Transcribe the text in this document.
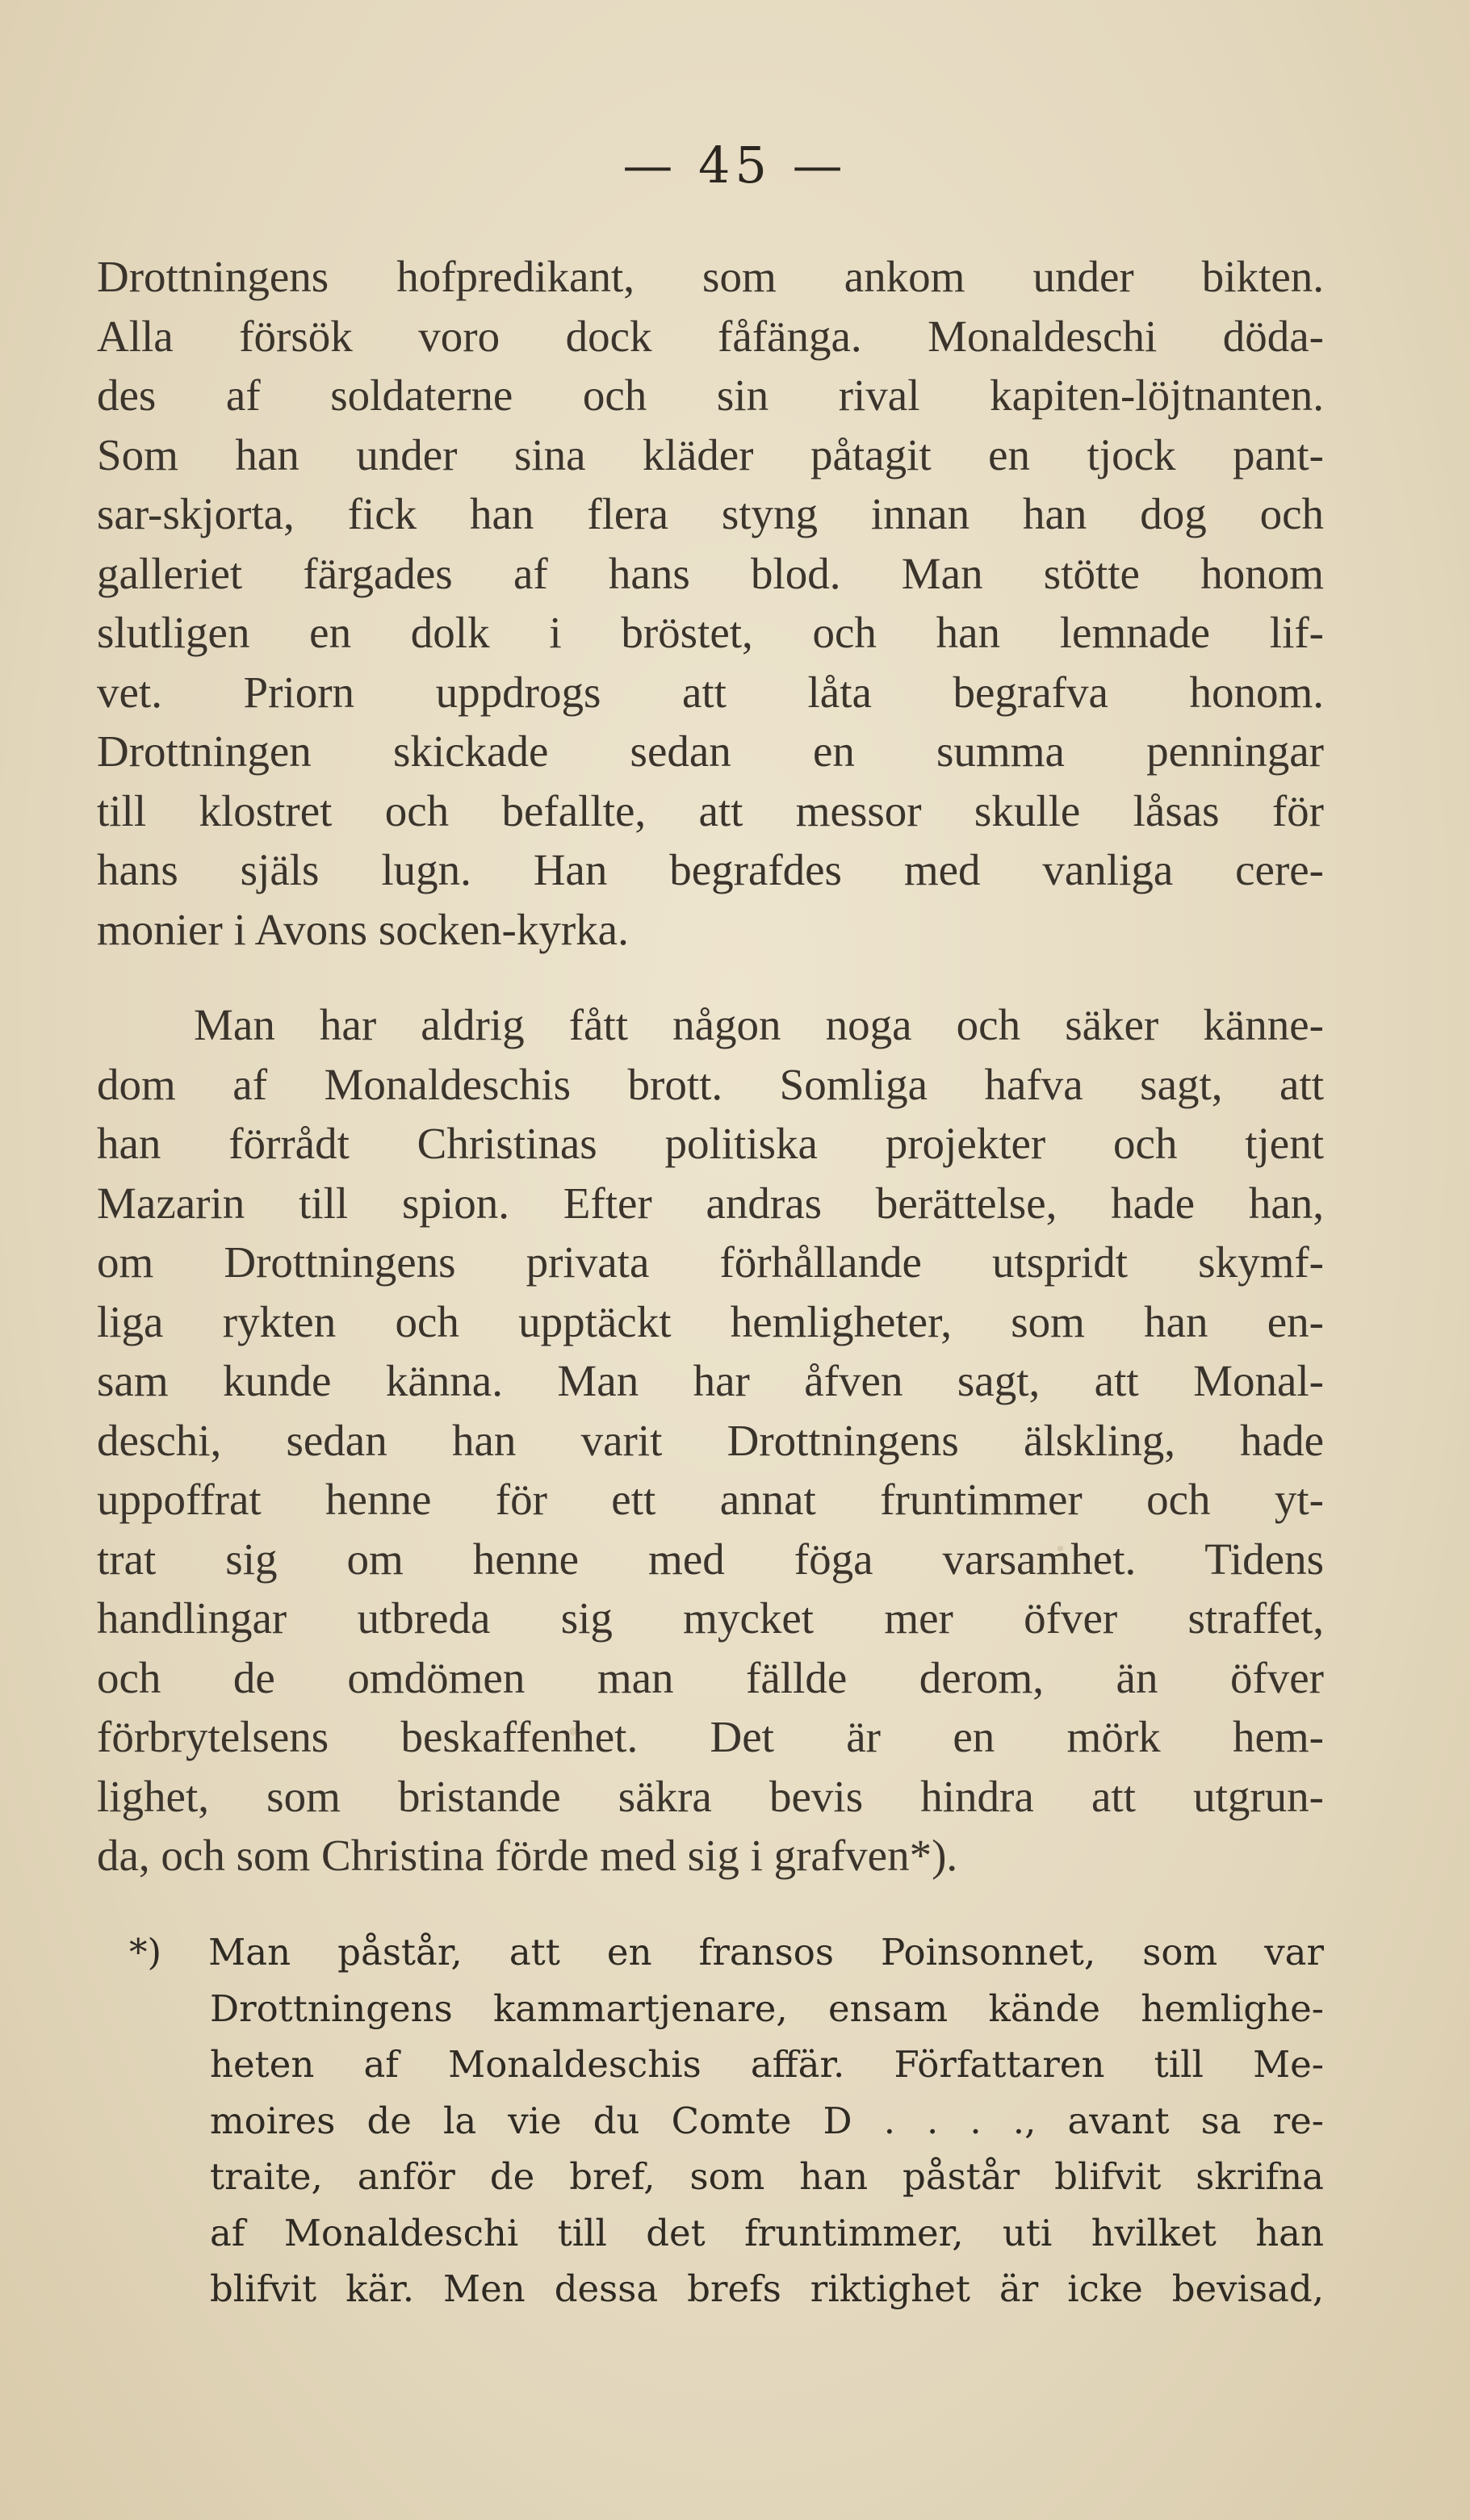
— 45 —
Drottningens hofpredikant, som ankom under bikten.
Alla försök voro dock fåfänga. Monaldeschi döda-
des af soldaterne och sin rival kapiten-löjtnanten.
Som han under sina kläder påtagit en tjock pant-
sar-skjorta, fick han flera styng innan han dog och
galleriet färgades af hans blod. Man stötte honom
slutligen en dolk i bröstet, och han lemnade lif-
vet. Priorn uppdrogs att låta begrafva honom.
Drottningen skickade sedan en summa penningar
till klostret och befallte, att messor skulle låsas för
hans själs lugn. Han begrafdes med vanliga cere-
monier i Avons socken-kyrka.
Man har aldrig fått någon noga och säker känne-
dom af Monaldeschis brott. Somliga hafva sagt, att
han förrådt Christinas politiska projekter och tjent
Mazarin till spion. Efter andras berättelse, hade han,
om Drottningens privata förhållande utspridt skymf-
liga rykten och upptäckt hemligheter, som han en-
sam kunde känna. Man har åfven sagt, att Monal-
deschi, sedan han varit Drottningens älskling, hade
uppoffrat henne för ett annat fruntimmer och yt-
trat sig om henne med föga varsamhet. Tidens
handlingar utbreda sig mycket mer öfver straffet,
och de omdömen man fällde derom, än öfver
förbrytelsens beskaffenhet. Det är en mörk hem-
lighet, som bristande säkra bevis hindra att utgrun-
da, och som Christina förde med sig i grafven*).
*) Man påstår, att en fransos Poinsonnet, som var
Drottningens kammartjenare, ensam kände hemlighe-
heten af Monaldeschis affär. Författaren till Me-
moires de la vie du Comte D . . . ., avant sa re-
traite, anför de bref, som han påstår blifvit skrifna
af Monaldeschi till det fruntimmer, uti hvilket han
blifvit kär. Men dessa brefs riktighet är icke bevisad,
